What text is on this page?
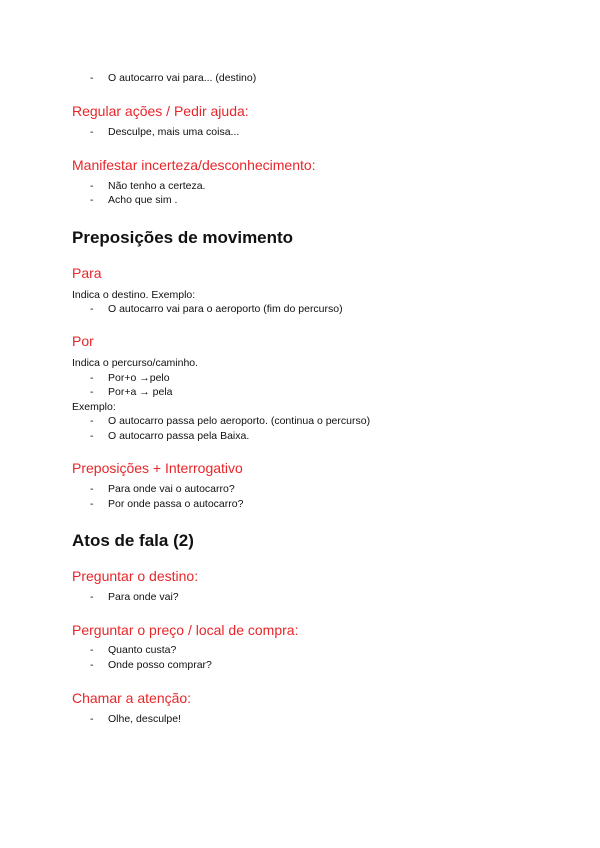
- O autocarro vai para... (destino)
Regular ações / Pedir ajuda:
- Desculpe, mais uma coisa...
Manifestar incerteza/desconhecimento:
- Não tenho a certeza.
- Acho que sim .
Preposições de movimento
Para
Indica o destino. Exemplo:
- O autocarro vai para o aeroporto (fim do percurso)
Por
Indica o percurso/caminho.
- Por+o →pelo
- Por+a → pela
Exemplo:
- O autocarro passa pelo aeroporto. (continua o percurso)
- O autocarro passa pela Baixa.
Preposições + Interrogativo
- Para onde vai o autocarro?
- Por onde passa o autocarro?
Atos de fala (2)
Preguntar o destino:
- Para onde vai?
Perguntar o preço / local de compra:
- Quanto custa?
- Onde posso comprar?
Chamar a atenção:
- Olhe, desculpe!
